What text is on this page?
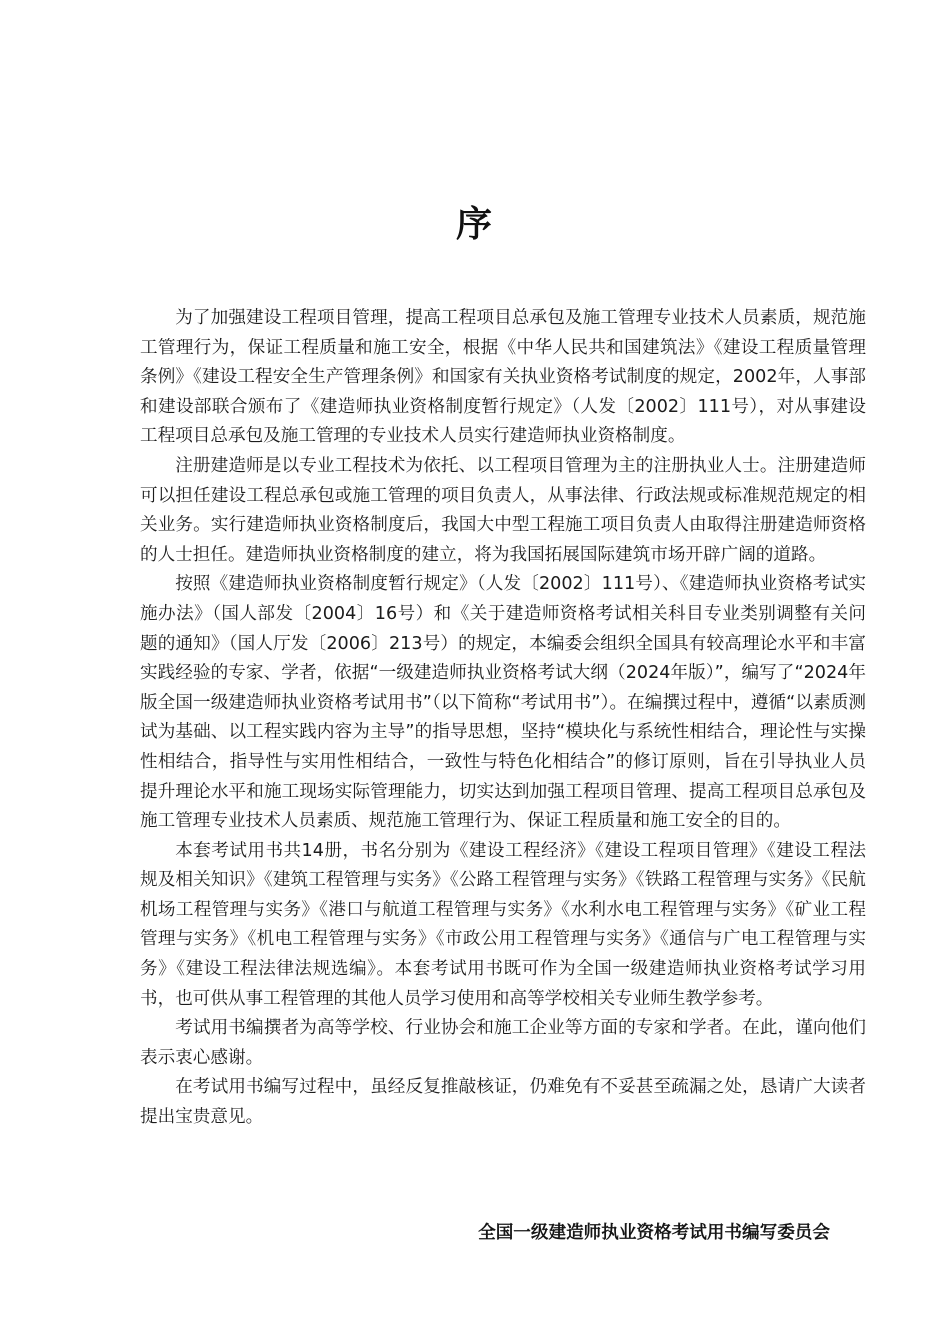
序

为了加强建设工程项目管理，提高工程项目总承包及施工管理专业技术人员素质，规范施工管理行为，保证工程质量和施工安全，根据《中华人民共和国建筑法》《建设工程质量管理条例》《建设工程安全生产管理条例》和国家有关执业资格考试制度的规定，2002年，人事部和建设部联合颁布了《建造师执业资格制度暂行规定》（人发〔2002〕111号），对从事建设工程项目总承包及施工管理的专业技术人员实行建造师执业资格制度。

注册建造师是以专业工程技术为依托、以工程项目管理为主的注册执业人士。注册建造师可以担任建设工程总承包或施工管理的项目负责人，从事法律、行政法规或标准规范规定的相关业务。实行建造师执业资格制度后，我国大中型工程施工项目负责人由取得注册建造师资格的人士担任。建造师执业资格制度的建立，将为我国拓展国际建筑市场开辟广阔的道路。

按照《建造师执业资格制度暂行规定》（人发〔2002〕111号）、《建造师执业资格考试实施办法》（国人部发〔2004〕16号）和《关于建造师资格考试相关科目专业类别调整有关问题的通知》（国人厅发〔2006〕213号）的规定，本编委会组织全国具有较高理论水平和丰富实践经验的专家、学者，依据“一级建造师执业资格考试大纲（2024年版）”，编写了“2024年版全国一级建造师执业资格考试用书”（以下简称“考试用书”）。在编撰过程中，遵循“以素质测试为基础、以工程实践内容为主导”的指导思想，坚持“模块化与系统性相结合，理论性与实操性相结合，指导性与实用性相结合，一致性与特色化相结合”的修订原则，旨在引导执业人员提升理论水平和施工现场实际管理能力，切实达到加强工程项目管理、提高工程项目总承包及施工管理专业技术人员素质、规范施工管理行为、保证工程质量和施工安全的目的。

本套考试用书共14册，书名分别为《建设工程经济》《建设工程项目管理》《建设工程法规及相关知识》《建筑工程管理与实务》《公路工程管理与实务》《铁路工程管理与实务》《民航机场工程管理与实务》《港口与航道工程管理与实务》《水利水电工程管理与实务》《矿业工程管理与实务》《机电工程管理与实务》《市政公用工程管理与实务》《通信与广电工程管理与实务》《建设工程法律法规选编》。本套考试用书既可作为全国一级建造师执业资格考试学习用书，也可供从事工程管理的其他人员学习使用和高等学校相关专业师生教学参考。

考试用书编撰者为高等学校、行业协会和施工企业等方面的专家和学者。在此，谨向他们表示衷心感谢。

在考试用书编写过程中，虽经反复推敲核证，仍难免有不妥甚至疏漏之处，恳请广大读者提出宝贵意见。

全国一级建造师执业资格考试用书编写委员会
